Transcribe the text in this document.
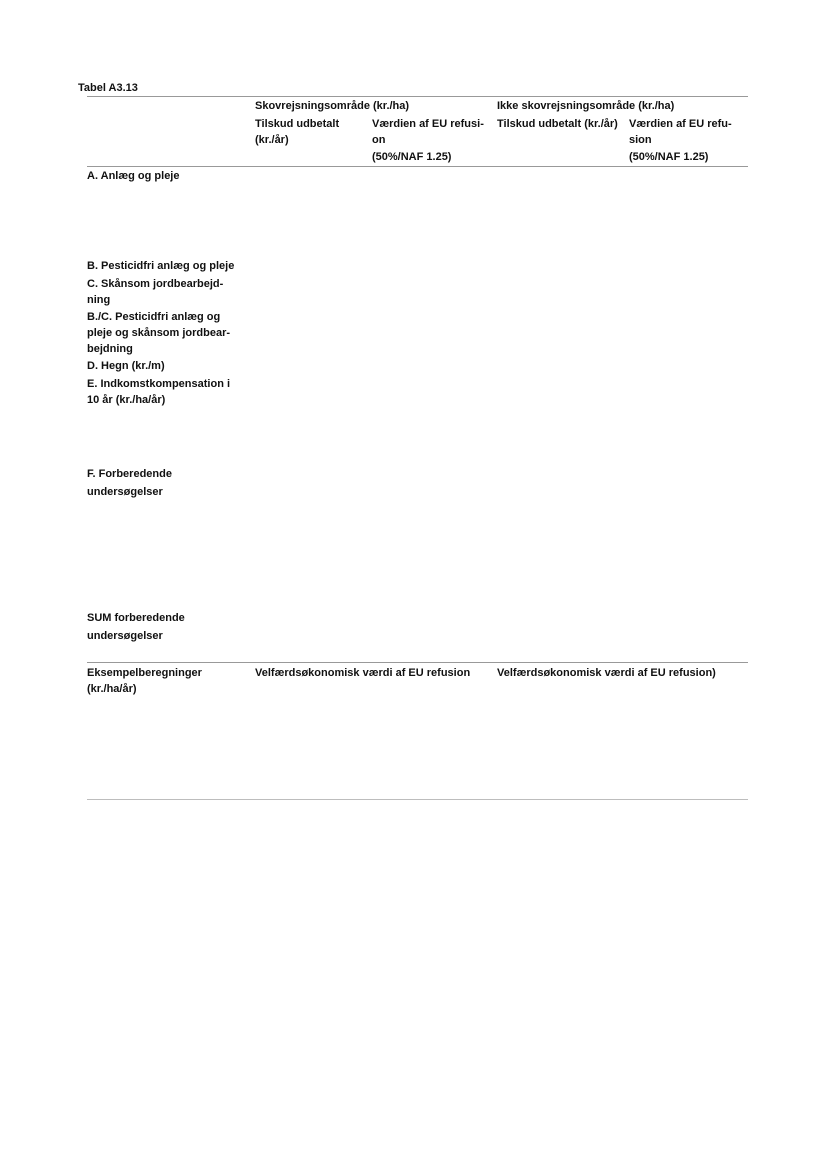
Tabel A3.13
Skovrejsningsområde (kr./ha)	Ikke skovrejsningsområde (kr./ha)
Tilskud udbetalt
(kr./år)
Værdien af EU refusi-
on
(50%/NAF 1.25)
Tilskud udbetalt (kr./år) Værdien af EU refu-
sion
(50%/NAF 1.25)
A. Anlæg og pleje
B. Pesticidfri anlæg og pleje
C. Skånsom jordbearbejd-
ning
B./C. Pesticidfri anlæg og
pleje og skånsom jordbear-
bejdning
D. Hegn (kr./m)
E. Indkomstkompensation i
10 år (kr./ha/år)
F. Forberedende
undersøgelser
SUM forberedende
undersøgelser
Eksempelberegninger
(kr./ha/år)
Velfærdsøkonomisk værdi af EU refusion Velfærdsøkonomisk værdi af EU refusion)
